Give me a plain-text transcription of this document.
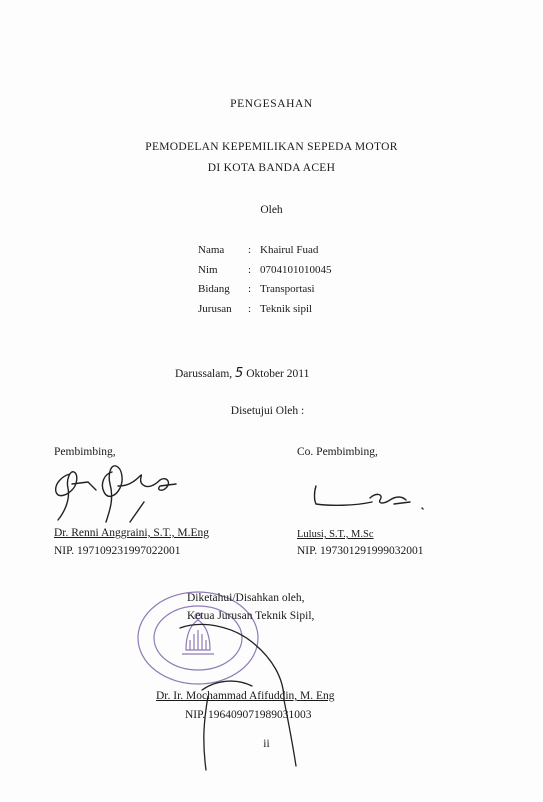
PENGESAHAN
PEMODELAN KEPEMILIKAN SEPEDA MOTOR
DI KOTA BANDA ACEH
Oleh
Nama	: Khairul Fuad
Nim	: 0704101010045
Bidang	: Transportasi
Jurusan	: Teknik sipil
Darussalam, 5 Oktober 2011
Disetujui Oleh :
Pembimbing,
Dr. Renni Anggraini, S.T., M.Eng
NIP. 197109231997022001
Co. Pembimbing,
Lulusi, S.T., M.Sc
NIP. 197301291999032001
Diketahui/Disahkan oleh,
Ketua Jurusan Teknik Sipil,
Dr. Ir. Mochammad Afifuddin, M. Eng
NIP. 196409071989031003
ii
